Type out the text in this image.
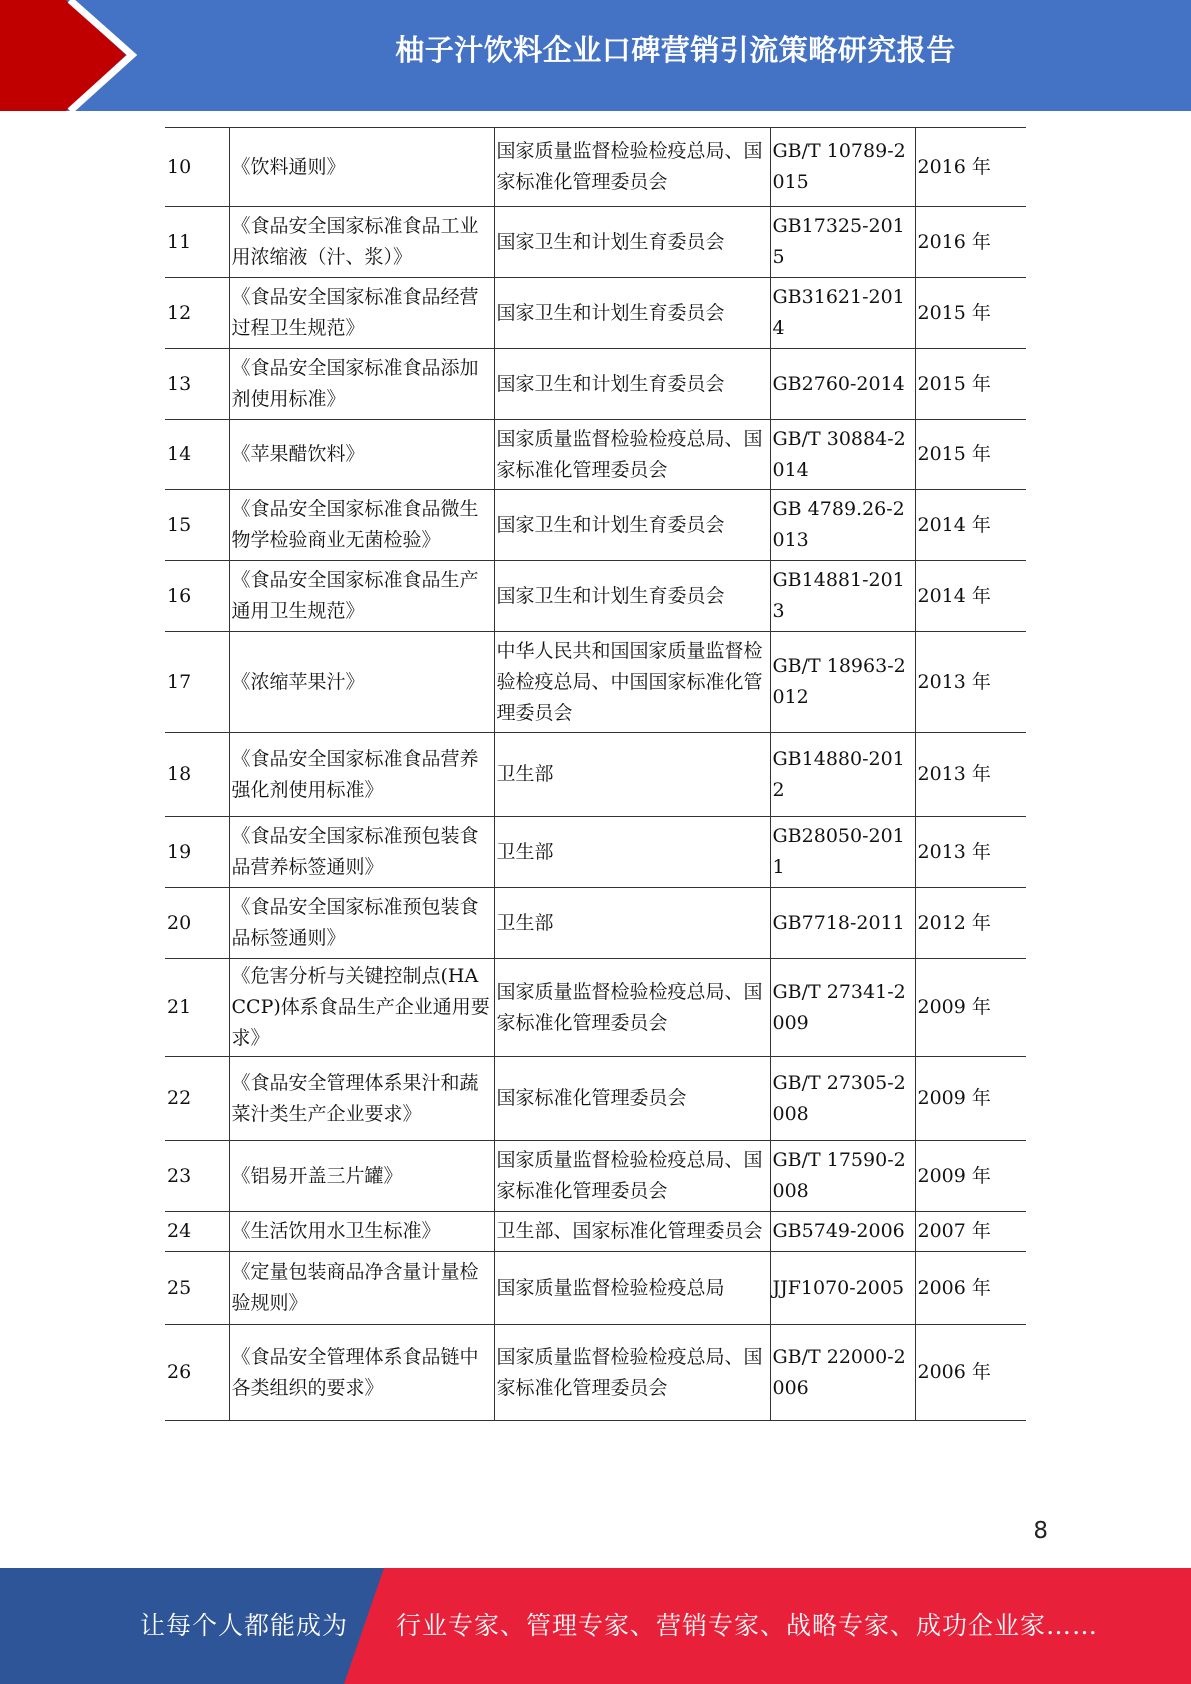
柚子汁饮料企业口碑营销引流策略研究报告
10	《饮料通则》	国家质量监督检验检疫总局、国家标准化管理委员会	GB/T 10789-2015	2016 年
11	《食品安全国家标准食品工业用浓缩液（汁、浆）》	国家卫生和计划生育委员会	GB17325-2015	2016 年
12	《食品安全国家标准食品经营过程卫生规范》	国家卫生和计划生育委员会	GB31621-2014	2015 年
13	《食品安全国家标准食品添加剂使用标准》	国家卫生和计划生育委员会	GB2760-2014	2015 年
14	《苹果醋饮料》	国家质量监督检验检疫总局、国家标准化管理委员会	GB/T 30884-2014	2015 年
15	《食品安全国家标准食品微生物学检验商业无菌检验》	国家卫生和计划生育委员会	GB 4789.26-2013	2014 年
16	《食品安全国家标准食品生产通用卫生规范》	国家卫生和计划生育委员会	GB14881-2013	2014 年
17	《浓缩苹果汁》	中华人民共和国国家质量监督检验检疫总局、中国国家标准化管理委员会	GB/T 18963-2012	2013 年
18	《食品安全国家标准食品营养强化剂使用标准》	卫生部	GB14880-2012	2013 年
19	《食品安全国家标准预包装食品营养标签通则》	卫生部	GB28050-2011	2013 年
20	《食品安全国家标准预包装食品标签通则》	卫生部	GB7718-2011	2012 年
21	《危害分析与关键控制点(HACCP)体系食品生产企业通用要求》	国家质量监督检验检疫总局、国家标准化管理委员会	GB/T 27341-2009	2009 年
22	《食品安全管理体系果汁和蔬菜汁类生产企业要求》	国家标准化管理委员会	GB/T 27305-2008	2009 年
23	《铝易开盖三片罐》	国家质量监督检验检疫总局、国家标准化管理委员会	GB/T 17590-2008	2009 年

24	《生活饮用水卫生标准》	卫生部、国家标准化管理委员会	GB5749-2006	2007 年

25	《定量包装商品净含量计量检验规则》	国家质量监督检验检疫总局	JJF1070-2005	2006 年
26	《食品安全管理体系食品链中各类组织的要求》	国家质量监督检验检疫总局、国家标准化管理委员会	GB/T 22000-2006	2006 年
8
让每个人都能成为 行业专家、管理专家、营销专家、战略专家、成功企业家……
